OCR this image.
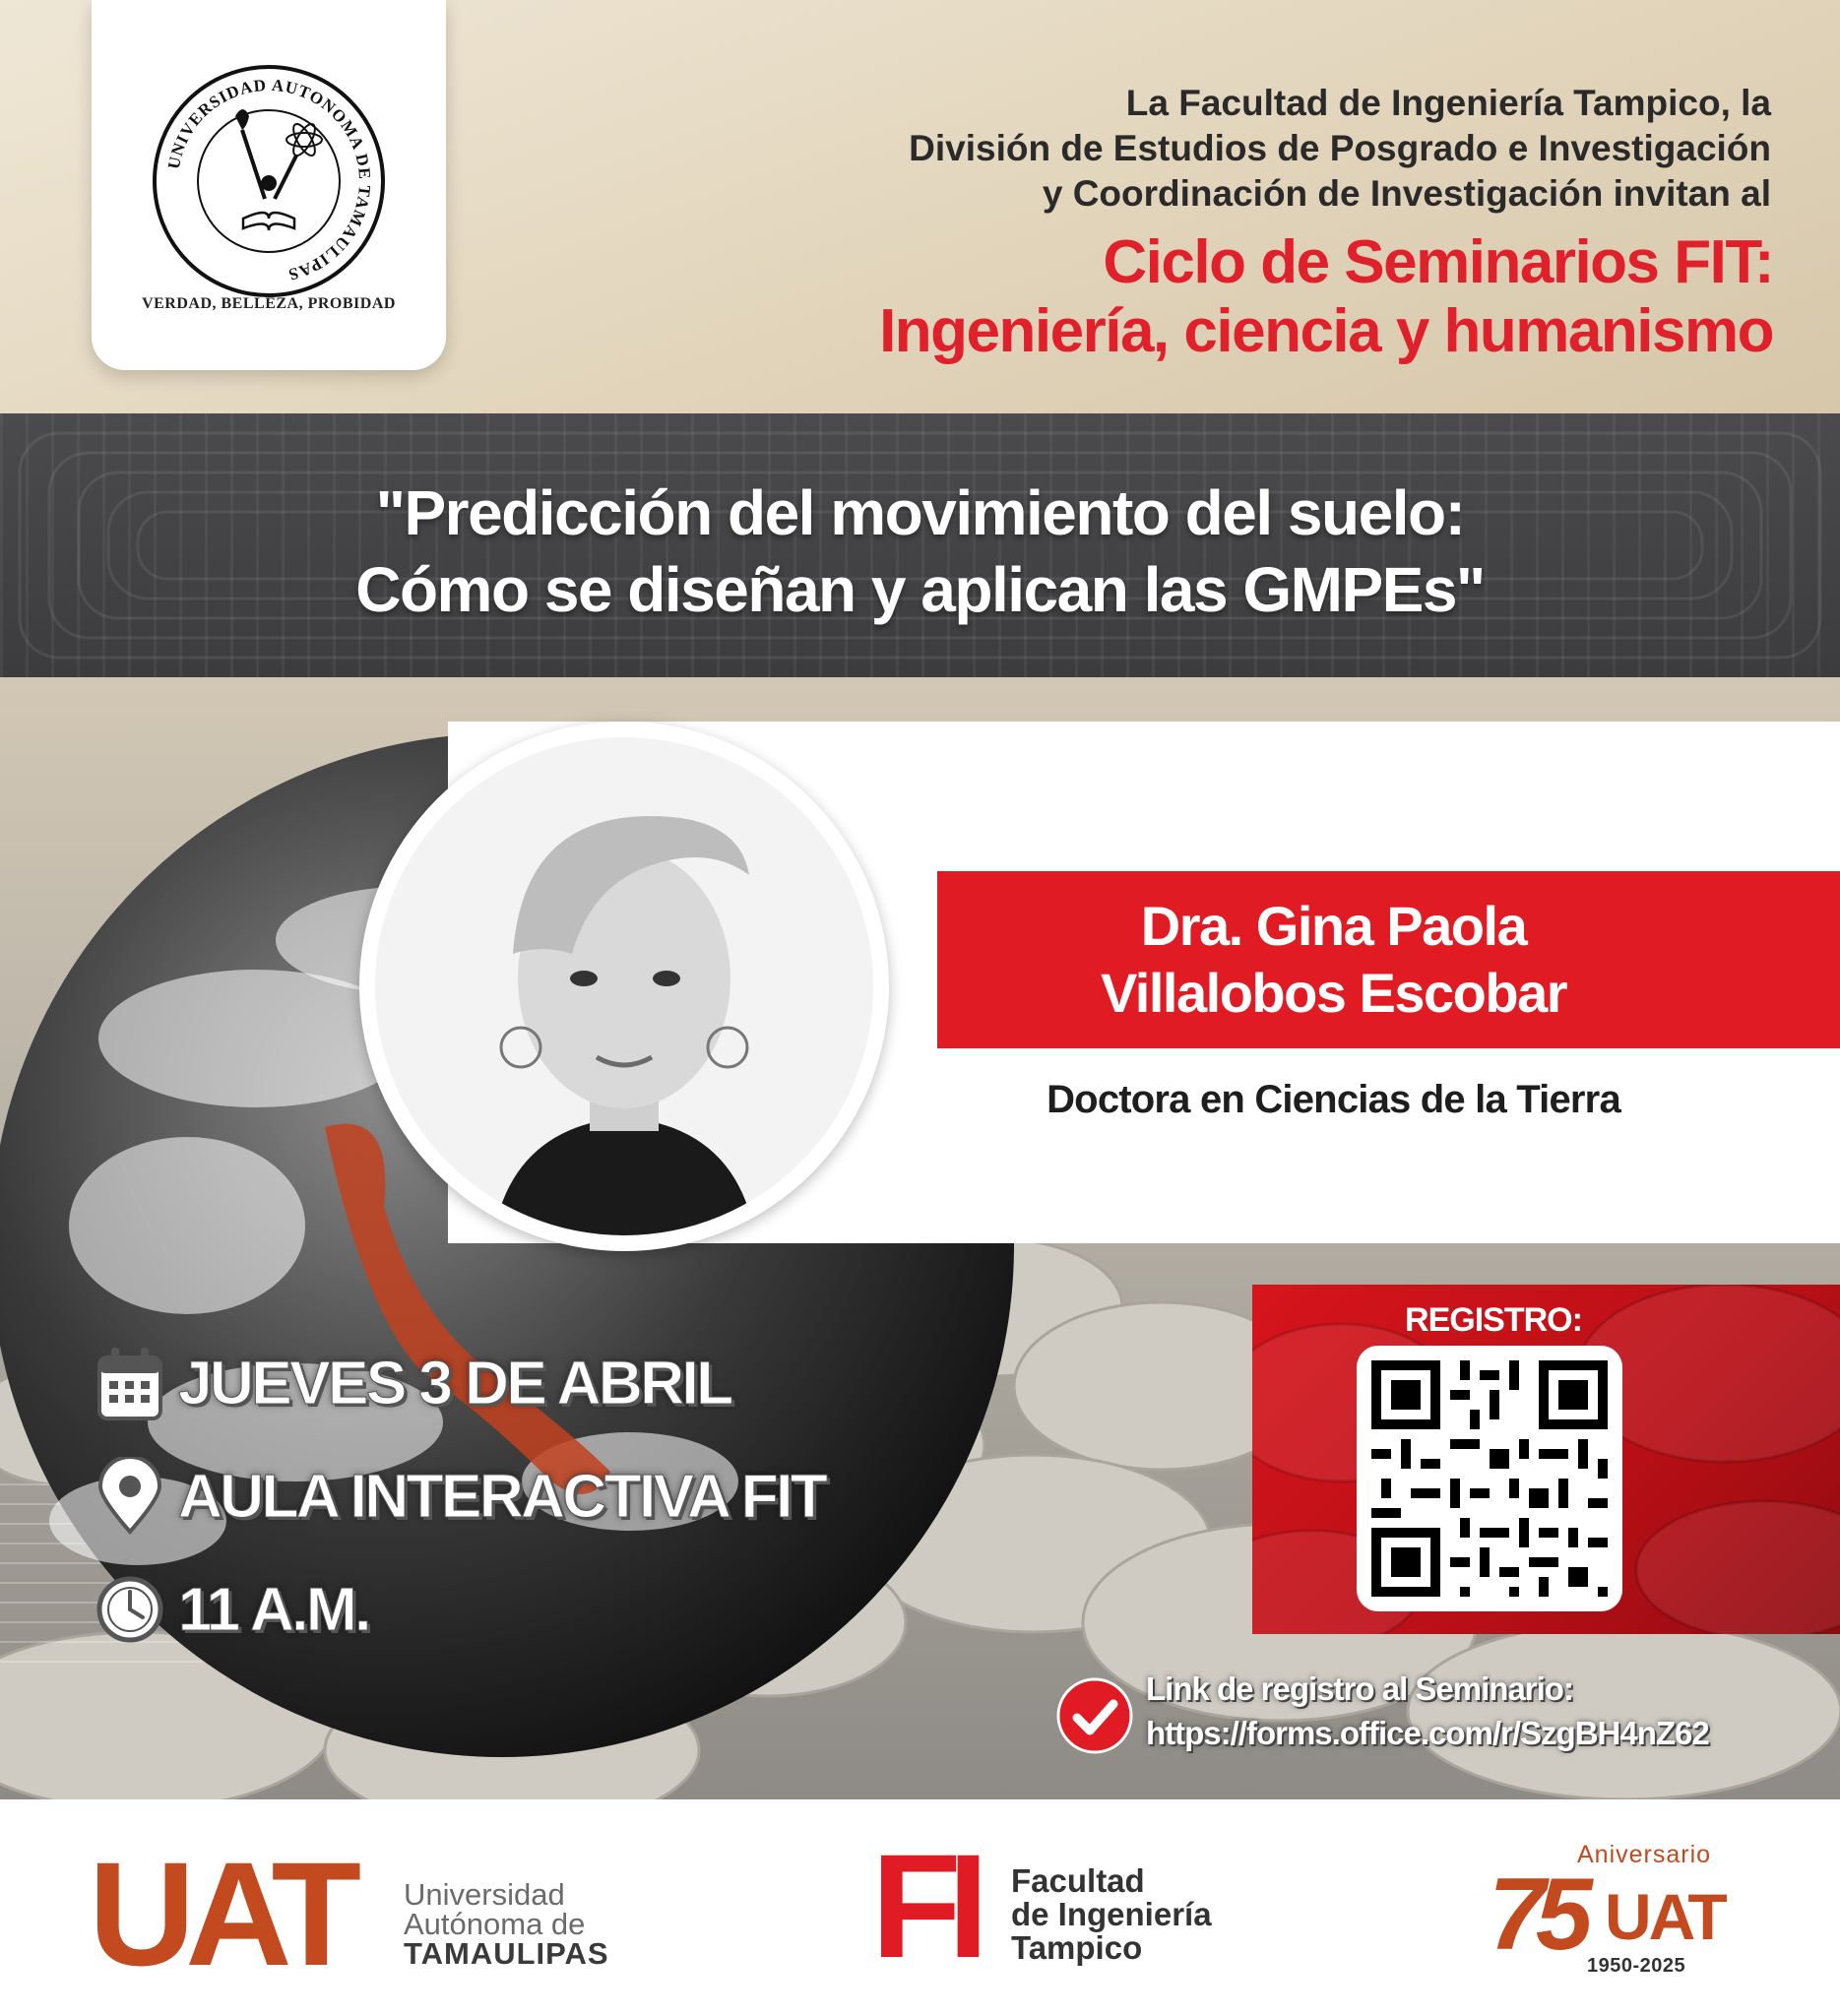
UNIVERSIDAD AUTONOMA DE TAMAULIPAS
VERDAD, BELLEZA, PROBIDAD
La Facultad de Ingeniería Tampico, la
División de Estudios de Posgrado e Investigación
y Coordinación de Investigación invitan al
Ciclo de Seminarios FIT:
Ingeniería, ciencia y humanismo
"Predicción del movimiento del suelo:
Cómo se diseñan y aplican las GMPEs"
Dra. Gina Paola
Villalobos Escobar
Doctora en Ciencias de la Tierra
JUEVES 3 DE ABRIL
AULA INTERACTIVA FIT
11 A.M.
REGISTRO:
Link de registro al Seminario:
https://forms.office.com/r/SzgBH4nZ62
UAT	Universidad
Autónoma de
TAMAULIPAS FI Facultad
de Ingeniería
Tampico
Aniversario
75 UAT
1950-2025
